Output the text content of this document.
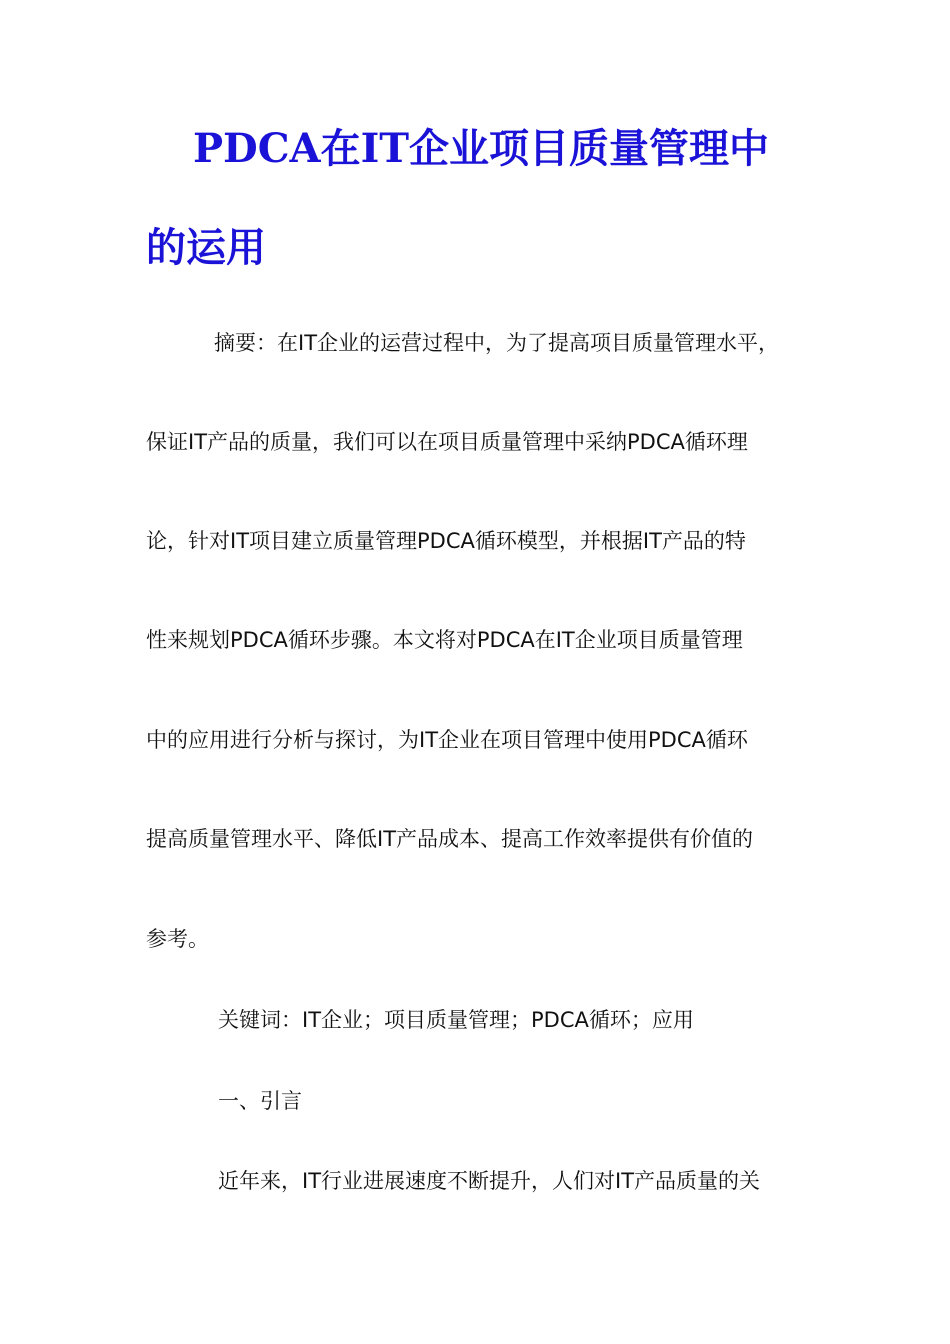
PDCA在IT企业项目质量管理中
的运用

摘要：在IT企业的运营过程中，为了提高项目质量管理水平，

保证IT产品的质量，我们可以在项目质量管理中采纳PDCA循环理

论，针对IT项目建立质量管理PDCA循环模型，并根据IT产品的特

性来规划PDCA循环步骤。本文将对PDCA在IT企业项目质量管理

中的应用进行分析与探讨，为IT企业在项目管理中使用PDCA循环

提高质量管理水平、降低IT产品成本、提高工作效率提供有价值的

参考。

关键词：IT企业；项目质量管理；PDCA循环；应用

一、引言

近年来，IT行业进展速度不断提升，人们对IT产品质量的关
